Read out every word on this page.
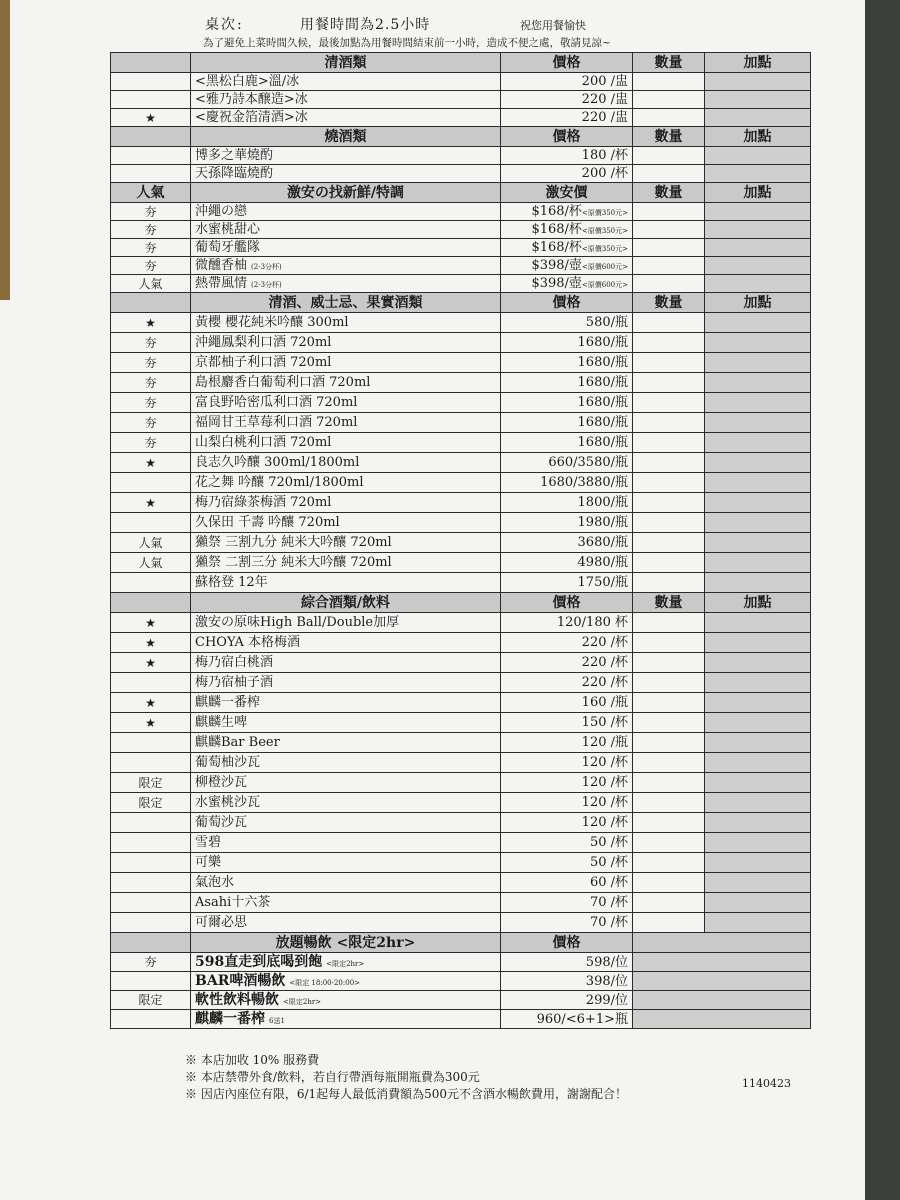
桌次:	用餐時間為2.5小時	祝您用餐愉快
為了避免上菜時間久候，最後加點為用餐時間結束前一小時，造成不便之處，敬請見諒~
	清酒類	價格	數量	加點
	<黑松白鹿>溫/冰	200 /盅		
	<雅乃詩本醸造>冰	220 /盅		
★	<慶祝金箔清酒>冰	220 /盅		
	燒酒類	價格	數量	加點
	博多之華燒酌	180 /杯		
	天孫降臨燒酌	200 /杯		
人氣	激安の找新鮮/特調	激安價	數量	加點
夯	沖繩の戀	$168/杯<原價350元>		
夯	水蜜桃甜心	$168/杯<原價350元>		
夯	葡萄牙艦隊	$168/杯<原價350元>		
夯	微醺香柚 (2-3分杯)	$398/壺<原價600元>		
人氣	熱帶風情 (2-3分杯)	$398/壺<原價600元>		
	清酒、威士忌、果實酒類	價格	數量	加點
★	黃櫻 櫻花純米吟釀 300ml	580/瓶		
夯	沖繩鳳梨利口酒 720ml	1680/瓶		
夯	京都柚子利口酒 720ml	1680/瓶		
夯	島根麝香白葡萄利口酒 720ml	1680/瓶		
夯	富良野哈密瓜利口酒 720ml	1680/瓶		
夯	福岡甘王草莓利口酒 720ml	1680/瓶		
夯	山梨白桃利口酒 720ml	1680/瓶		
★	良志久吟釀 300ml/1800ml	660/3580/瓶		
	花之舞 吟釀 720ml/1800ml	1680/3880/瓶		
★	梅乃宿綠茶梅酒 720ml	1800/瓶		
	久保田 千壽 吟釀 720ml	1980/瓶		
人氣	獺祭 三割九分 純米大吟釀 720ml	3680/瓶		
人氣	獺祭 二割三分 純米大吟釀 720ml	4980/瓶		
	蘇格登 12年	1750/瓶		
	綜合酒類/飲料	價格	數量	加點
★	激安の原味High Ball/Double加厚	120/180 杯		
★	CHOYA 本格梅酒	220 /杯		
★	梅乃宿白桃酒	220 /杯		
	梅乃宿柚子酒	220 /杯		
★	麒麟一番榨	160 /瓶		
★	麒麟生啤	150 /杯		
	麒麟Bar Beer	120 /瓶		
	葡萄柚沙瓦	120 /杯		
限定	柳橙沙瓦	120 /杯		
限定	水蜜桃沙瓦	120 /杯		
	葡萄沙瓦	120 /杯		
	雪碧	50 /杯		
	可樂	50 /杯		
	氣泡水	60 /杯		
	Asahi十六茶	70 /杯		
	可爾必思	70 /杯		
	放題暢飲 <限定2hr>	價格		
夯	598直走到底喝到飽 <限定2hr>	598/位		
	BAR啤酒暢飲 <限定 18:00-20:00>	398/位		
限定	軟性飲料暢飲 <限定2hr>	299/位		
	麒麟一番榨 6送1	960/<6+1>瓶		
※ 本店加收 10% 服務費
※ 本店禁帶外食/飲料，若自行帶酒每瓶開瓶費為300元
※ 因店內座位有限，6/1起每人最低消費額為500元不含酒水暢飲費用，謝謝配合！
1140423
